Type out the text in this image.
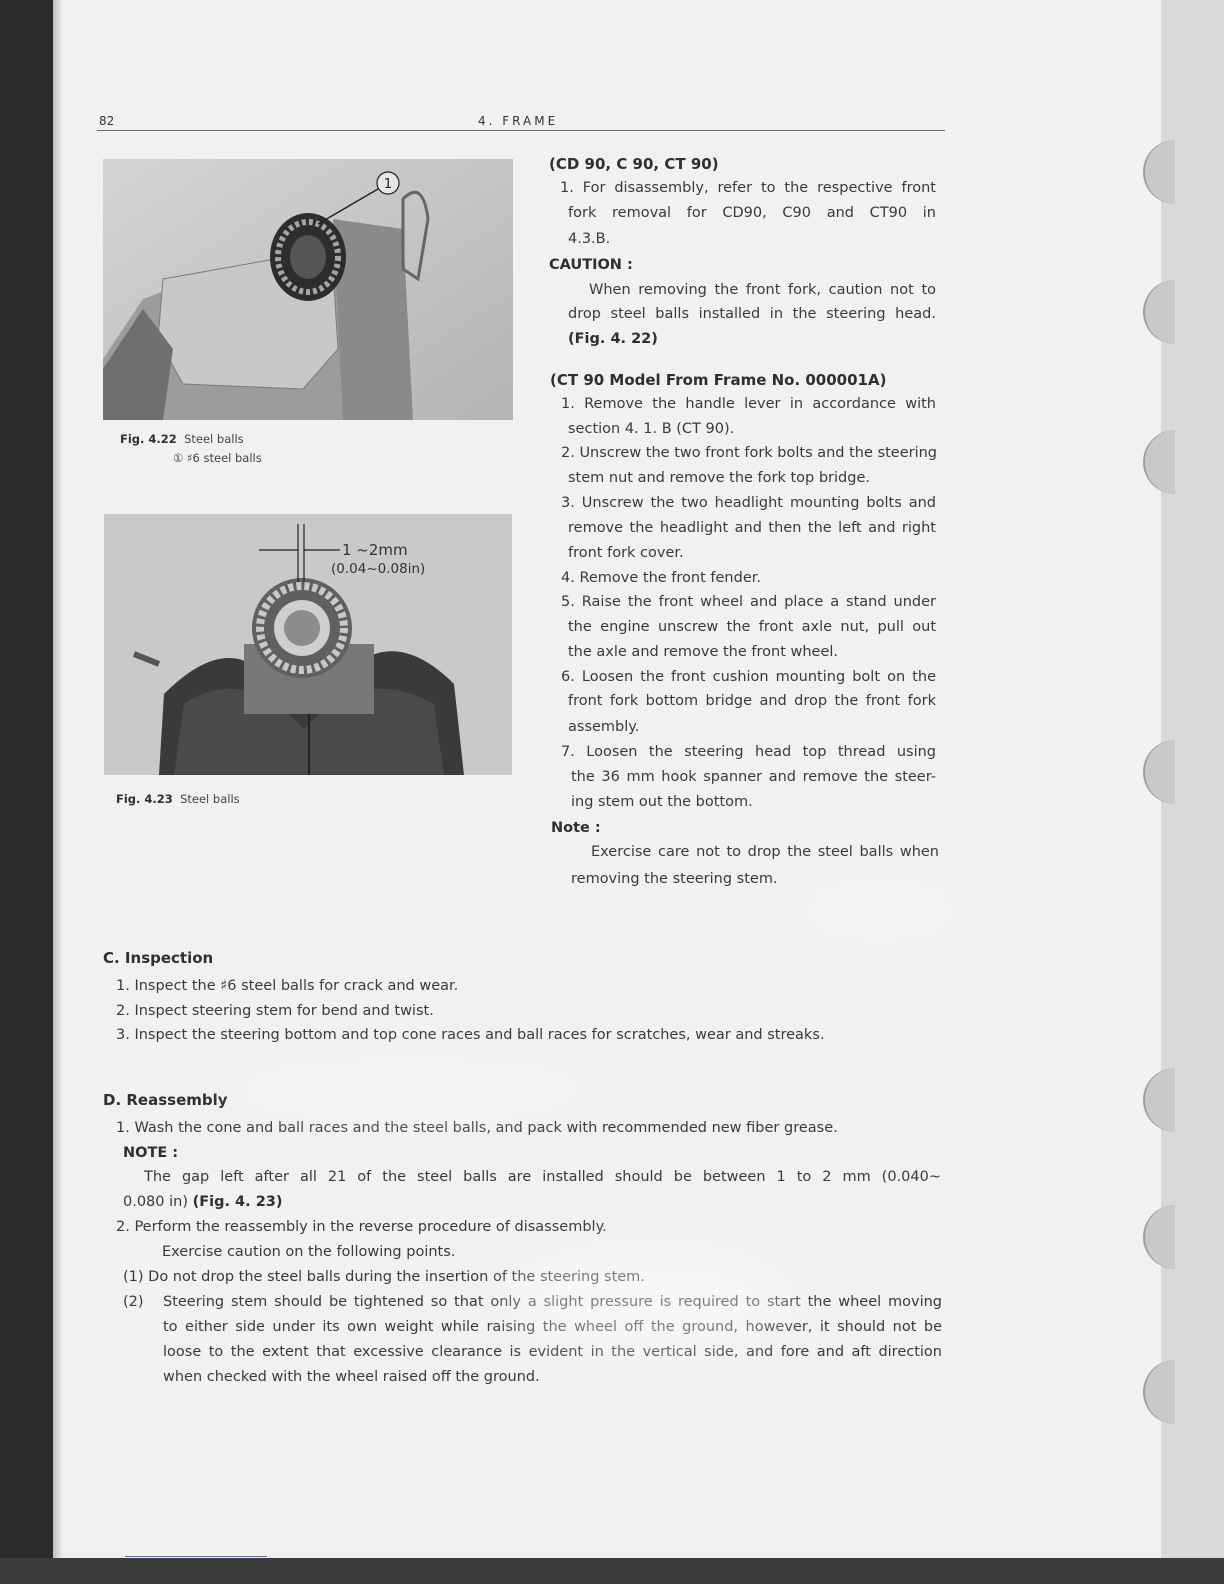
82	4. FRAME
1
Fig. 4.22 Steel balls
① ♯6 steel balls
1 ~2mm
(0.04~0.08in)
Fig. 4.23 Steel balls
(CD 90, C 90, CT 90)
1. For disassembly, refer to the respective front
fork removal for CD90, C90 and CT90 in
4.3.B.
CAUTION :
When removing the front fork, caution not to
drop steel balls installed in the steering head.
(Fig. 4. 22)
(CT 90 Model From Frame No. 000001A)
1. Remove the handle lever in accordance with
section 4. 1. B (CT 90).
2. Unscrew the two front fork bolts and the steering
stem nut and remove the fork top bridge.
3. Unscrew the two headlight mounting bolts and
remove the headlight and then the left and right
front fork cover.
4. Remove the front fender.
5. Raise the front wheel and place a stand under
the engine unscrew the front axle nut, pull out
the axle and remove the front wheel.
6. Loosen the front cushion mounting bolt on the
front fork bottom bridge and drop the front fork
assembly.
7. Loosen the steering head top thread using
the 36 mm hook spanner and remove the steer-
ing stem out the bottom.
Note :
Exercise care not to drop the steel balls when
removing the steering stem.
C. Inspection
1. Inspect the ♯6 steel balls for crack and wear.
2. Inspect steering stem for bend and twist.
3. Inspect the steering bottom and top cone races and ball races for scratches, wear and streaks.
D. Reassembly
1. Wash the cone and ball races and the steel balls, and pack with recommended new fiber grease.
NOTE :
The gap left after all 21 of the steel balls are installed should be between 1 to 2 mm (0.040~
0.080 in) (Fig. 4. 23)
2. Perform the reassembly in the reverse procedure of disassembly.
Exercise caution on the following points.
(1) Do not drop the steel balls during the insertion of the steering stem.
(2) Steering stem should be tightened so that only a slight pressure is required to start the wheel moving
to either side under its own weight while raising the wheel off the ground, however, it should not be
loose to the extent that excessive clearance is evident in the vertical side, and fore and aft direction
when checked with the wheel raised off the ground.
